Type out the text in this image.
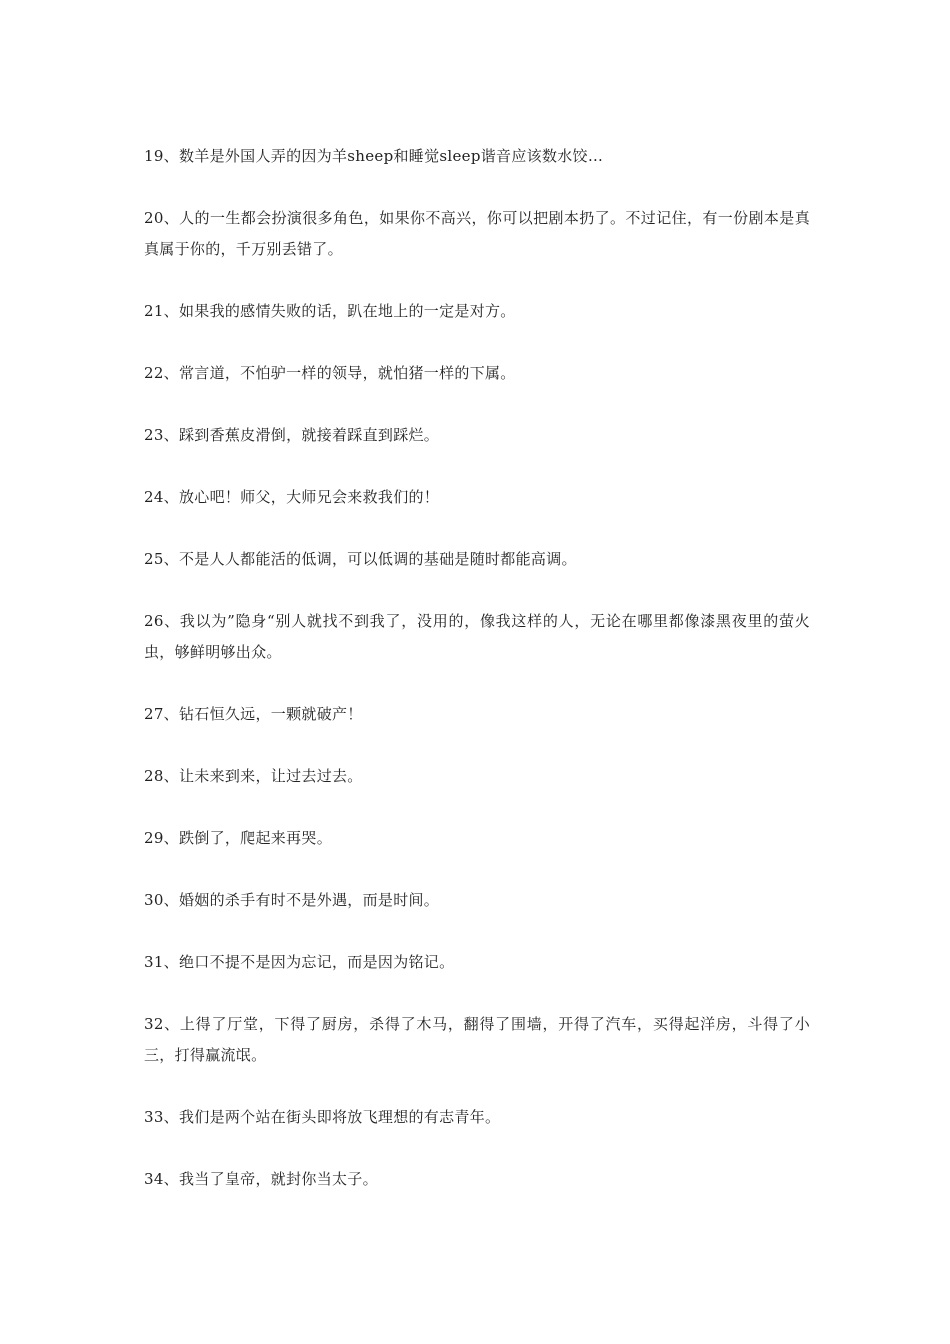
19、数羊是外国人弄的因为羊sheep和睡觉sleep谐音应该数水饺…

20、人的一生都会扮演很多角色，如果你不高兴，你可以把剧本扔了。不过记住，有一份剧本是真真属于你的，千万别丢错了。

21、如果我的感情失败的话，趴在地上的一定是对方。

22、常言道，不怕驴一样的领导，就怕猪一样的下属。

23、踩到香蕉皮滑倒，就接着踩直到踩烂。

24、放心吧！师父，大师兄会来救我们的！

25、不是人人都能活的低调，可以低调的基础是随时都能高调。

26、我以为”隐身“别人就找不到我了，没用的，像我这样的人，无论在哪里都像漆黑夜里的萤火虫，够鲜明够出众。

27、钻石恒久远，一颗就破产！

28、让未来到来，让过去过去。

29、跌倒了，爬起来再哭。

30、婚姻的杀手有时不是外遇，而是时间。

31、绝口不提不是因为忘记，而是因为铭记。

32、上得了厅堂，下得了厨房，杀得了木马，翻得了围墙，开得了汽车，买得起洋房，斗得了小三，打得赢流氓。

33、我们是两个站在街头即将放飞理想的有志青年。

34、我当了皇帝，就封你当太子。
